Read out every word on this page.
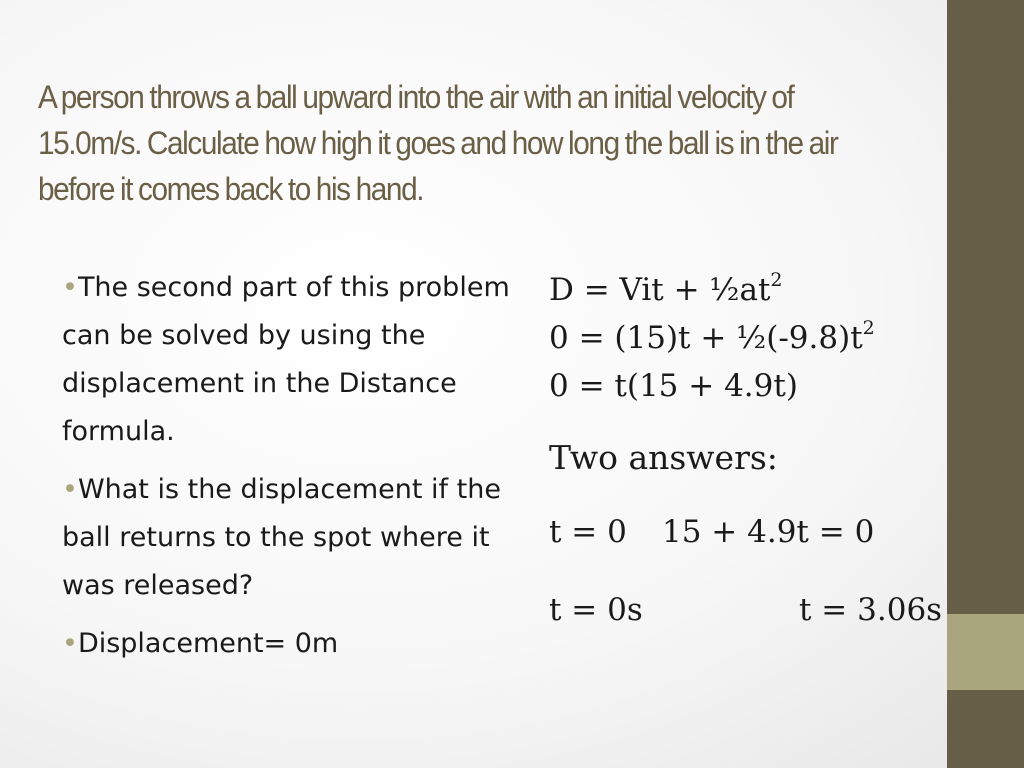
A person throws a ball upward into the air with an initial velocity of 15.0m/s. Calculate how high it goes and how long the ball is in the air before it comes back to his hand.
•The second part of this problem can be solved by using the displacement in the Distance formula.
•What is the displacement if the ball returns to the spot where it was released?
•Displacement= 0m
D = Vit + $\frac{1}{2}at^2$
$0 = (15)t + \frac{1}{2}(-9.8)t^2$
0 = t(15 + 4.9t)
Two answers:
t = 0 15 + 4.9t = 0
t = 0s	t = 3.06s
